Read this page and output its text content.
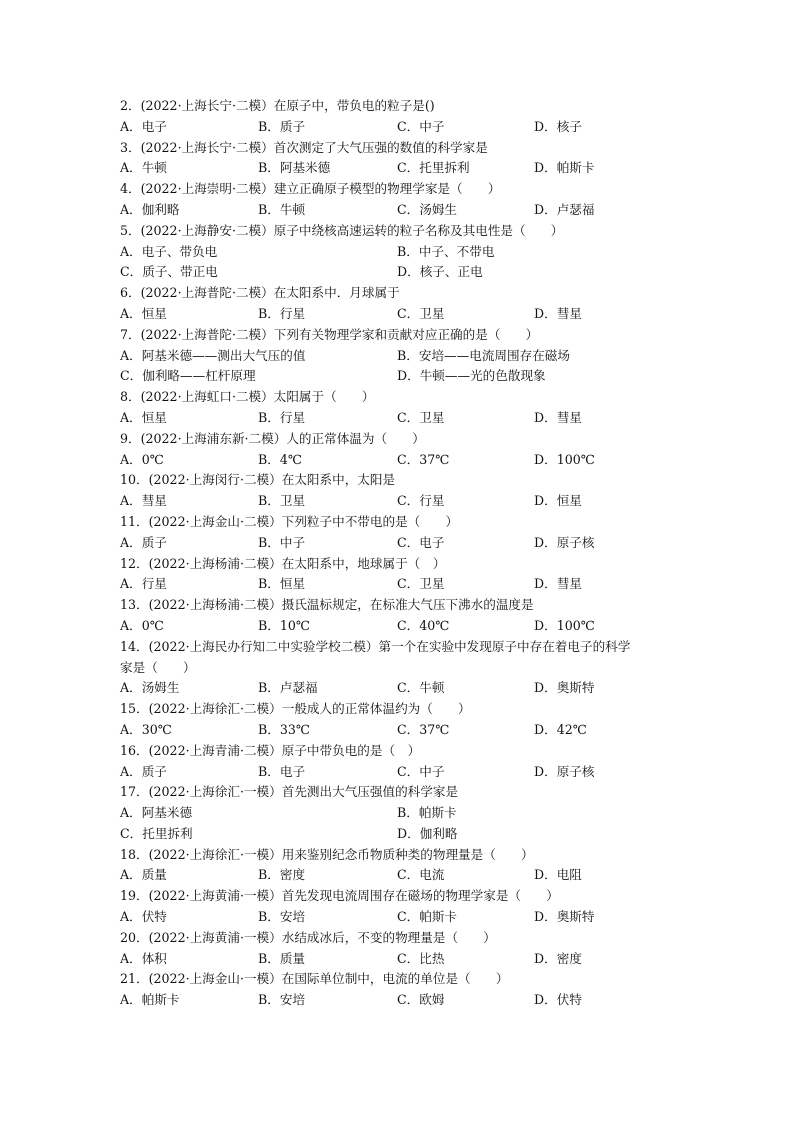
2．(2022·上海长宁·二模）在原子中，带负电的粒子是()
A．电子	B．质子	C．中子	D．核子
3．(2022·上海长宁·二模）首次测定了大气压强的数值的科学家是
A．牛顿	B．阿基米德	C．托里拆利	D．帕斯卡
4．(2022·上海崇明·二模）建立正确原子模型的物理学家是（　　）
A．伽利略	B．牛顿	C．汤姆生	D．卢瑟福
5．(2022·上海静安·二模）原子中绕核高速运转的粒子名称及其电性是（　　）
A．电子、带负电	B．中子、不带电
C．质子、带正电	D．核子、正电
6．(2022·上海普陀·二模）在太阳系中．月球属于
A．恒星	B．行星	C．卫星	D．彗星
7．(2022·上海普陀·二模）下列有关物理学家和贡献对应正确的是（　　）
A．阿基米德——测出大气压的值	B．安培——电流周围存在磁场
C．伽利略——杠杆原理	D．牛顿——光的色散现象
8．(2022·上海虹口·二模）太阳属于（　　）
A．恒星	B．行星	C．卫星	D．彗星
9．(2022·上海浦东新·二模）人的正常体温为（　　）
A．0℃	B．4℃	C．37℃	D．100℃
10．(2022·上海闵行·二模）在太阳系中，太阳是
A．彗星	B．卫星	C．行星	D．恒星
11．(2022·上海金山·二模）下列粒子中不带电的是（　　）
A．质子	B．中子	C．电子	D．原子核
12．(2022·上海杨浦·二模）在太阳系中，地球属于（　）
A．行星	B．恒星	C．卫星	D．彗星
13．(2022·上海杨浦·二模）摄氏温标规定，在标准大气压下沸水的温度是
A．0℃	B．10℃	C．40℃	D．100℃
14．(2022·上海民办行知二中实验学校二模）第一个在实验中发现原子中存在着电子的科学
家是（　　）
A．汤姆生	B．卢瑟福	C．牛顿	D．奥斯特
15．(2022·上海徐汇·二模）一般成人的正常体温约为（　　）
A．30℃	B．33℃	C．37℃	D．42℃
16．(2022·上海青浦·二模）原子中带负电的是（　）
A．质子	B．电子	C．中子	D．原子核
17．(2022·上海徐汇·一模）首先测出大气压强值的科学家是
A．阿基米德	B．帕斯卡
C．托里拆利	D．伽利略
18．(2022·上海徐汇·一模）用来鉴别纪念币物质种类的物理量是（　　）
A．质量	B．密度	C．电流	D．电阻
19．(2022·上海黄浦·一模）首先发现电流周围存在磁场的物理学家是（　　）
A．伏特	B．安培	C．帕斯卡	D．奥斯特
20．(2022·上海黄浦·一模）水结成冰后，不变的物理量是（　　）
A．体积	B．质量	C．比热	D．密度
21．(2022·上海金山·一模）在国际单位制中，电流的单位是（　　）
A．帕斯卡	B．安培	C．欧姆	D．伏特
